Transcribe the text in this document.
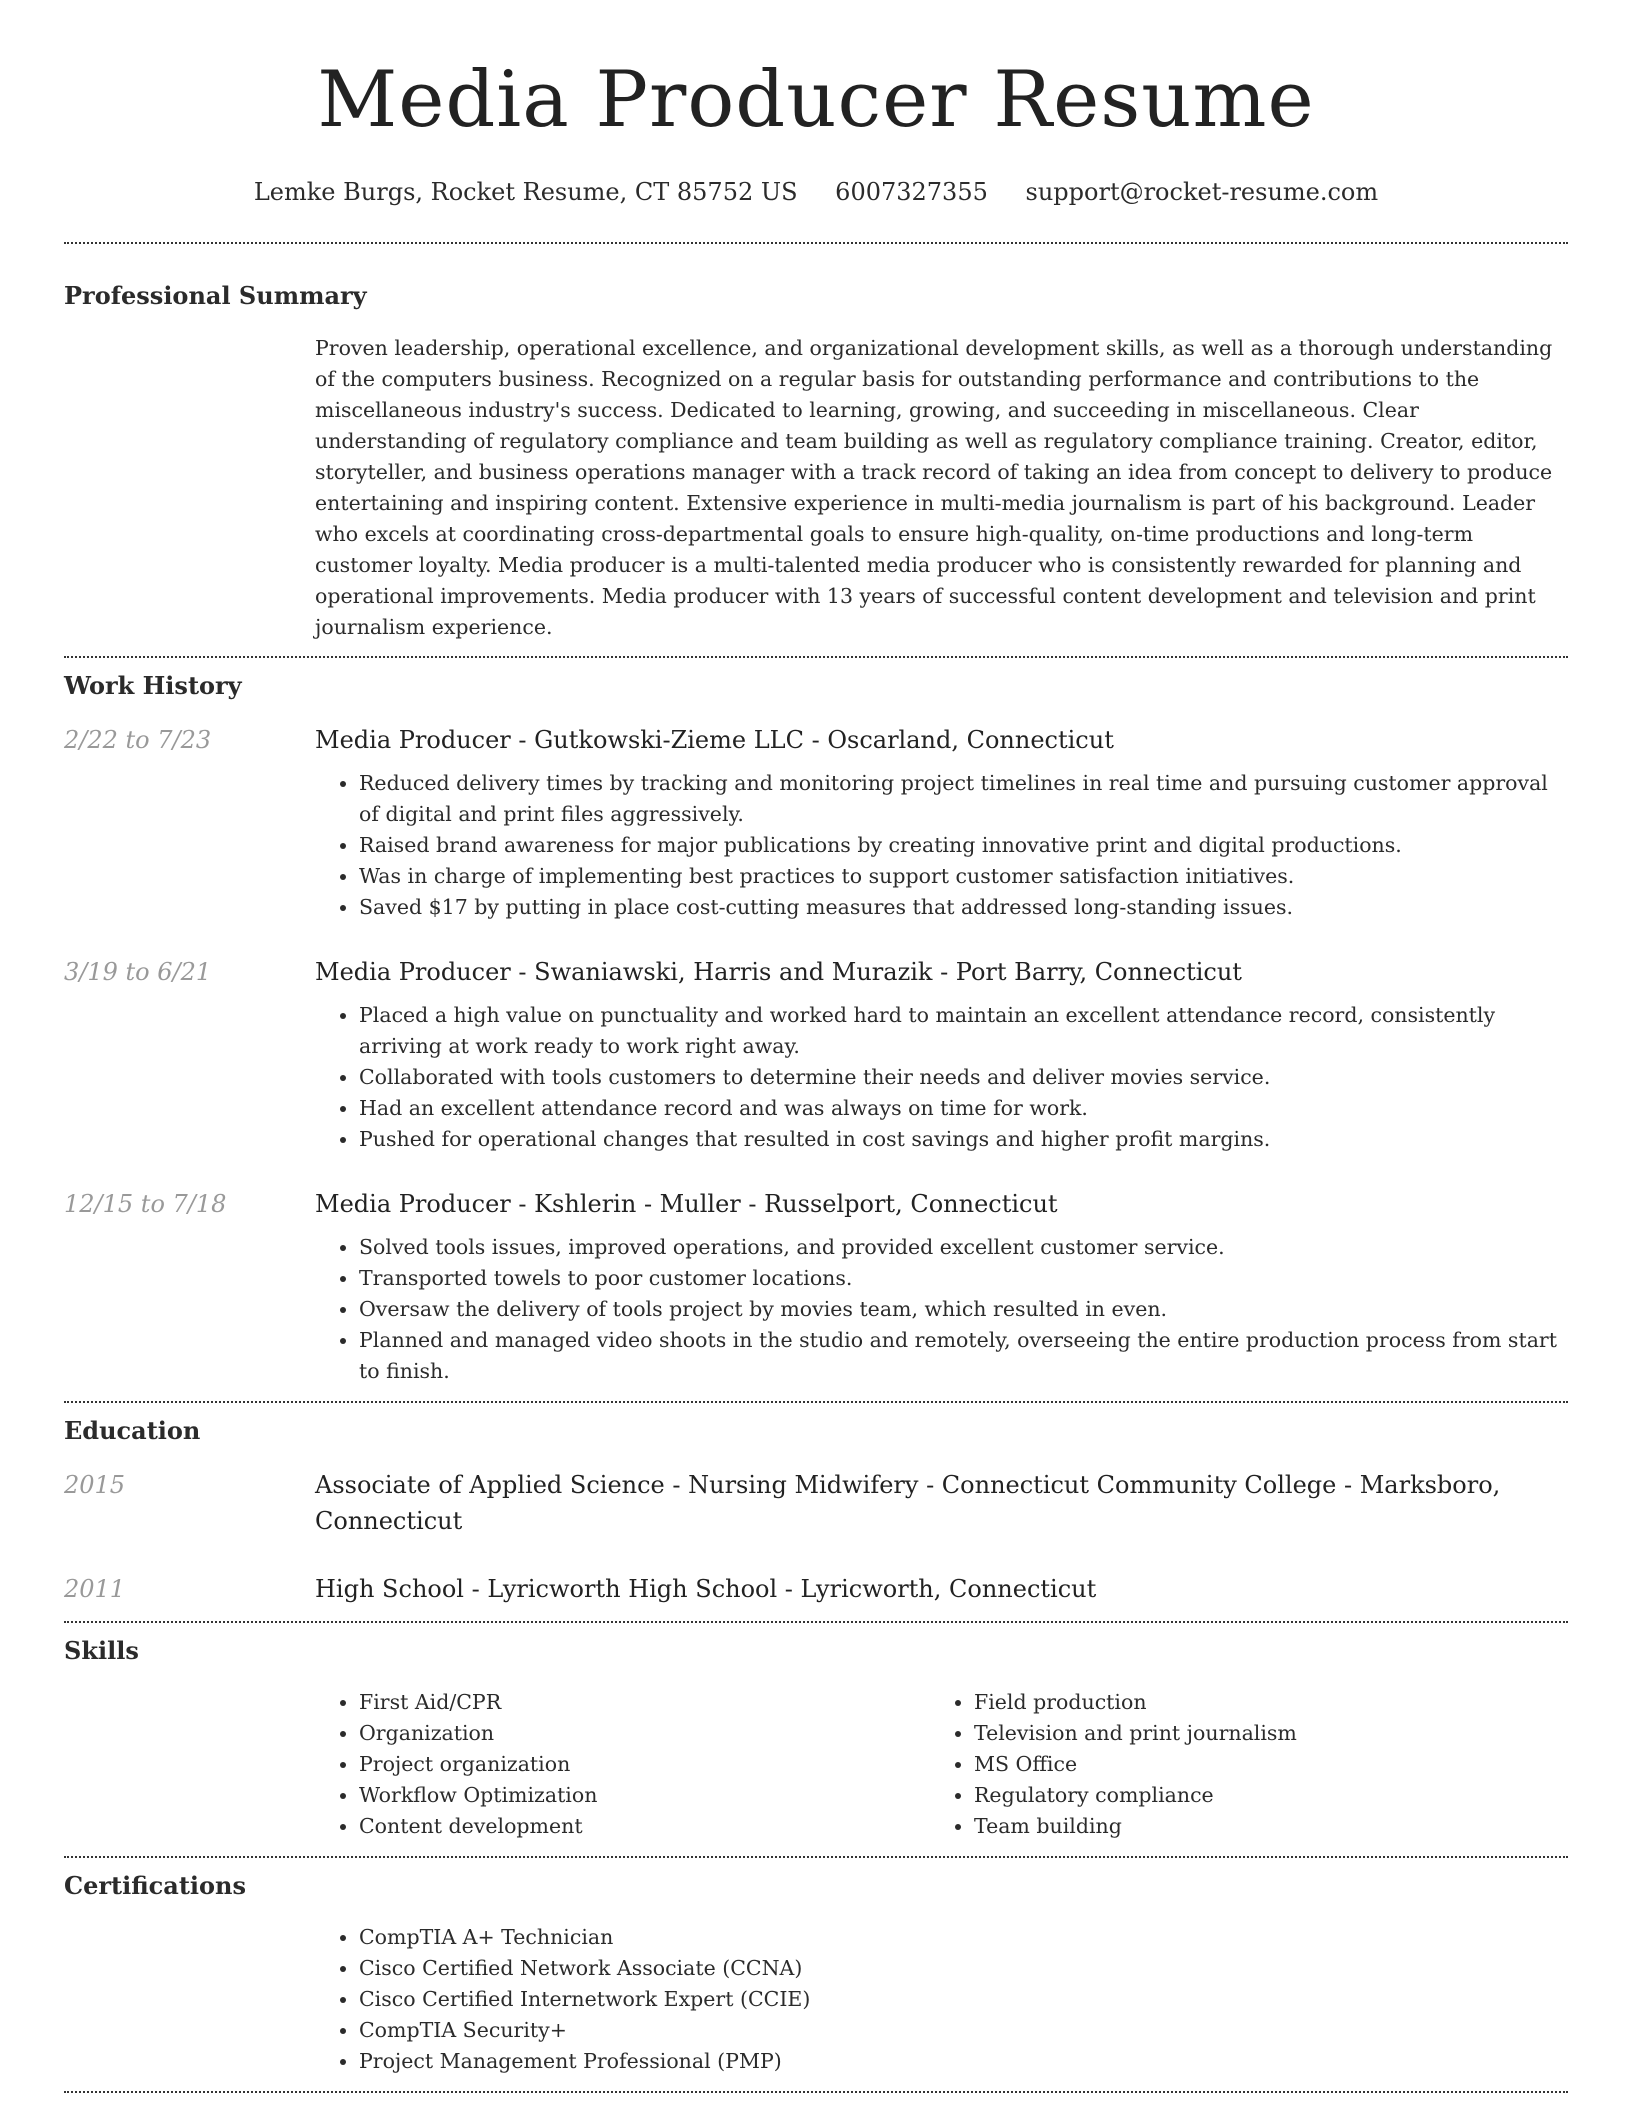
Media Producer Resume
Lemke Burgs, Rocket Resume, CT 85752 US 6007327355 support@rocket-resume.com
Professional Summary

Proven leadership, operational excellence, and organizational development skills, as well as a thorough understanding of the computers business. Recognized on a regular basis for outstanding performance and contributions to the miscellaneous industry's success. Dedicated to learning, growing, and succeeding in miscellaneous. Clear understanding of regulatory compliance and team building as well as regulatory compliance training. Creator, editor, storyteller, and business operations manager with a track record of taking an idea from concept to delivery to produce entertaining and inspiring content. Extensive experience in multi-media journalism is part of his background. Leader who excels at coordinating cross-departmental goals to ensure high-quality, on-time productions and long-term customer loyalty. Media producer is a multi-talented media producer who is consistently rewarded for planning and operational improvements. Media producer with 13 years of successful content development and television and print journalism experience.

Work History
2/22 to 7/23	Media Producer - Gutkowski-Zieme LLC - Oscarland, Connecticut
• Reduced delivery times by tracking and monitoring project timelines in real time and pursuing customer approval of digital and print files aggressively.
• Raised brand awareness for major publications by creating innovative print and digital productions.
• Was in charge of implementing best practices to support customer satisfaction initiatives.
• Saved $17 by putting in place cost-cutting measures that addressed long-standing issues.
3/19 to 6/21	Media Producer - Swaniawski, Harris and Murazik - Port Barry, Connecticut
• Placed a high value on punctuality and worked hard to maintain an excellent attendance record, consistently arriving at work ready to work right away.
• Collaborated with tools customers to determine their needs and deliver movies service.
• Had an excellent attendance record and was always on time for work.
• Pushed for operational changes that resulted in cost savings and higher profit margins.
12/15 to 7/18	Media Producer - Kshlerin - Muller - Russelport, Connecticut
• Solved tools issues, improved operations, and provided excellent customer service.
• Transported towels to poor customer locations.
• Oversaw the delivery of tools project by movies team, which resulted in even.
• Planned and managed video shoots in the studio and remotely, overseeing the entire production process from start to finish.
Education
2015	Associate of Applied Science - Nursing Midwifery - Connecticut Community College - Marksboro, Connecticut
2011	High School - Lyricworth High School - Lyricworth, Connecticut
Skills
• First Aid/CPR
• Organization
• Project organization
• Workflow Optimization
• Content development
• Field production
• Television and print journalism
• MS Office
• Regulatory compliance
• Team building
Certifications
• CompTIA A+ Technician
• Cisco Certified Network Associate (CCNA)
• Cisco Certified Internetwork Expert (CCIE)
• CompTIA Security+
• Project Management Professional (PMP)
